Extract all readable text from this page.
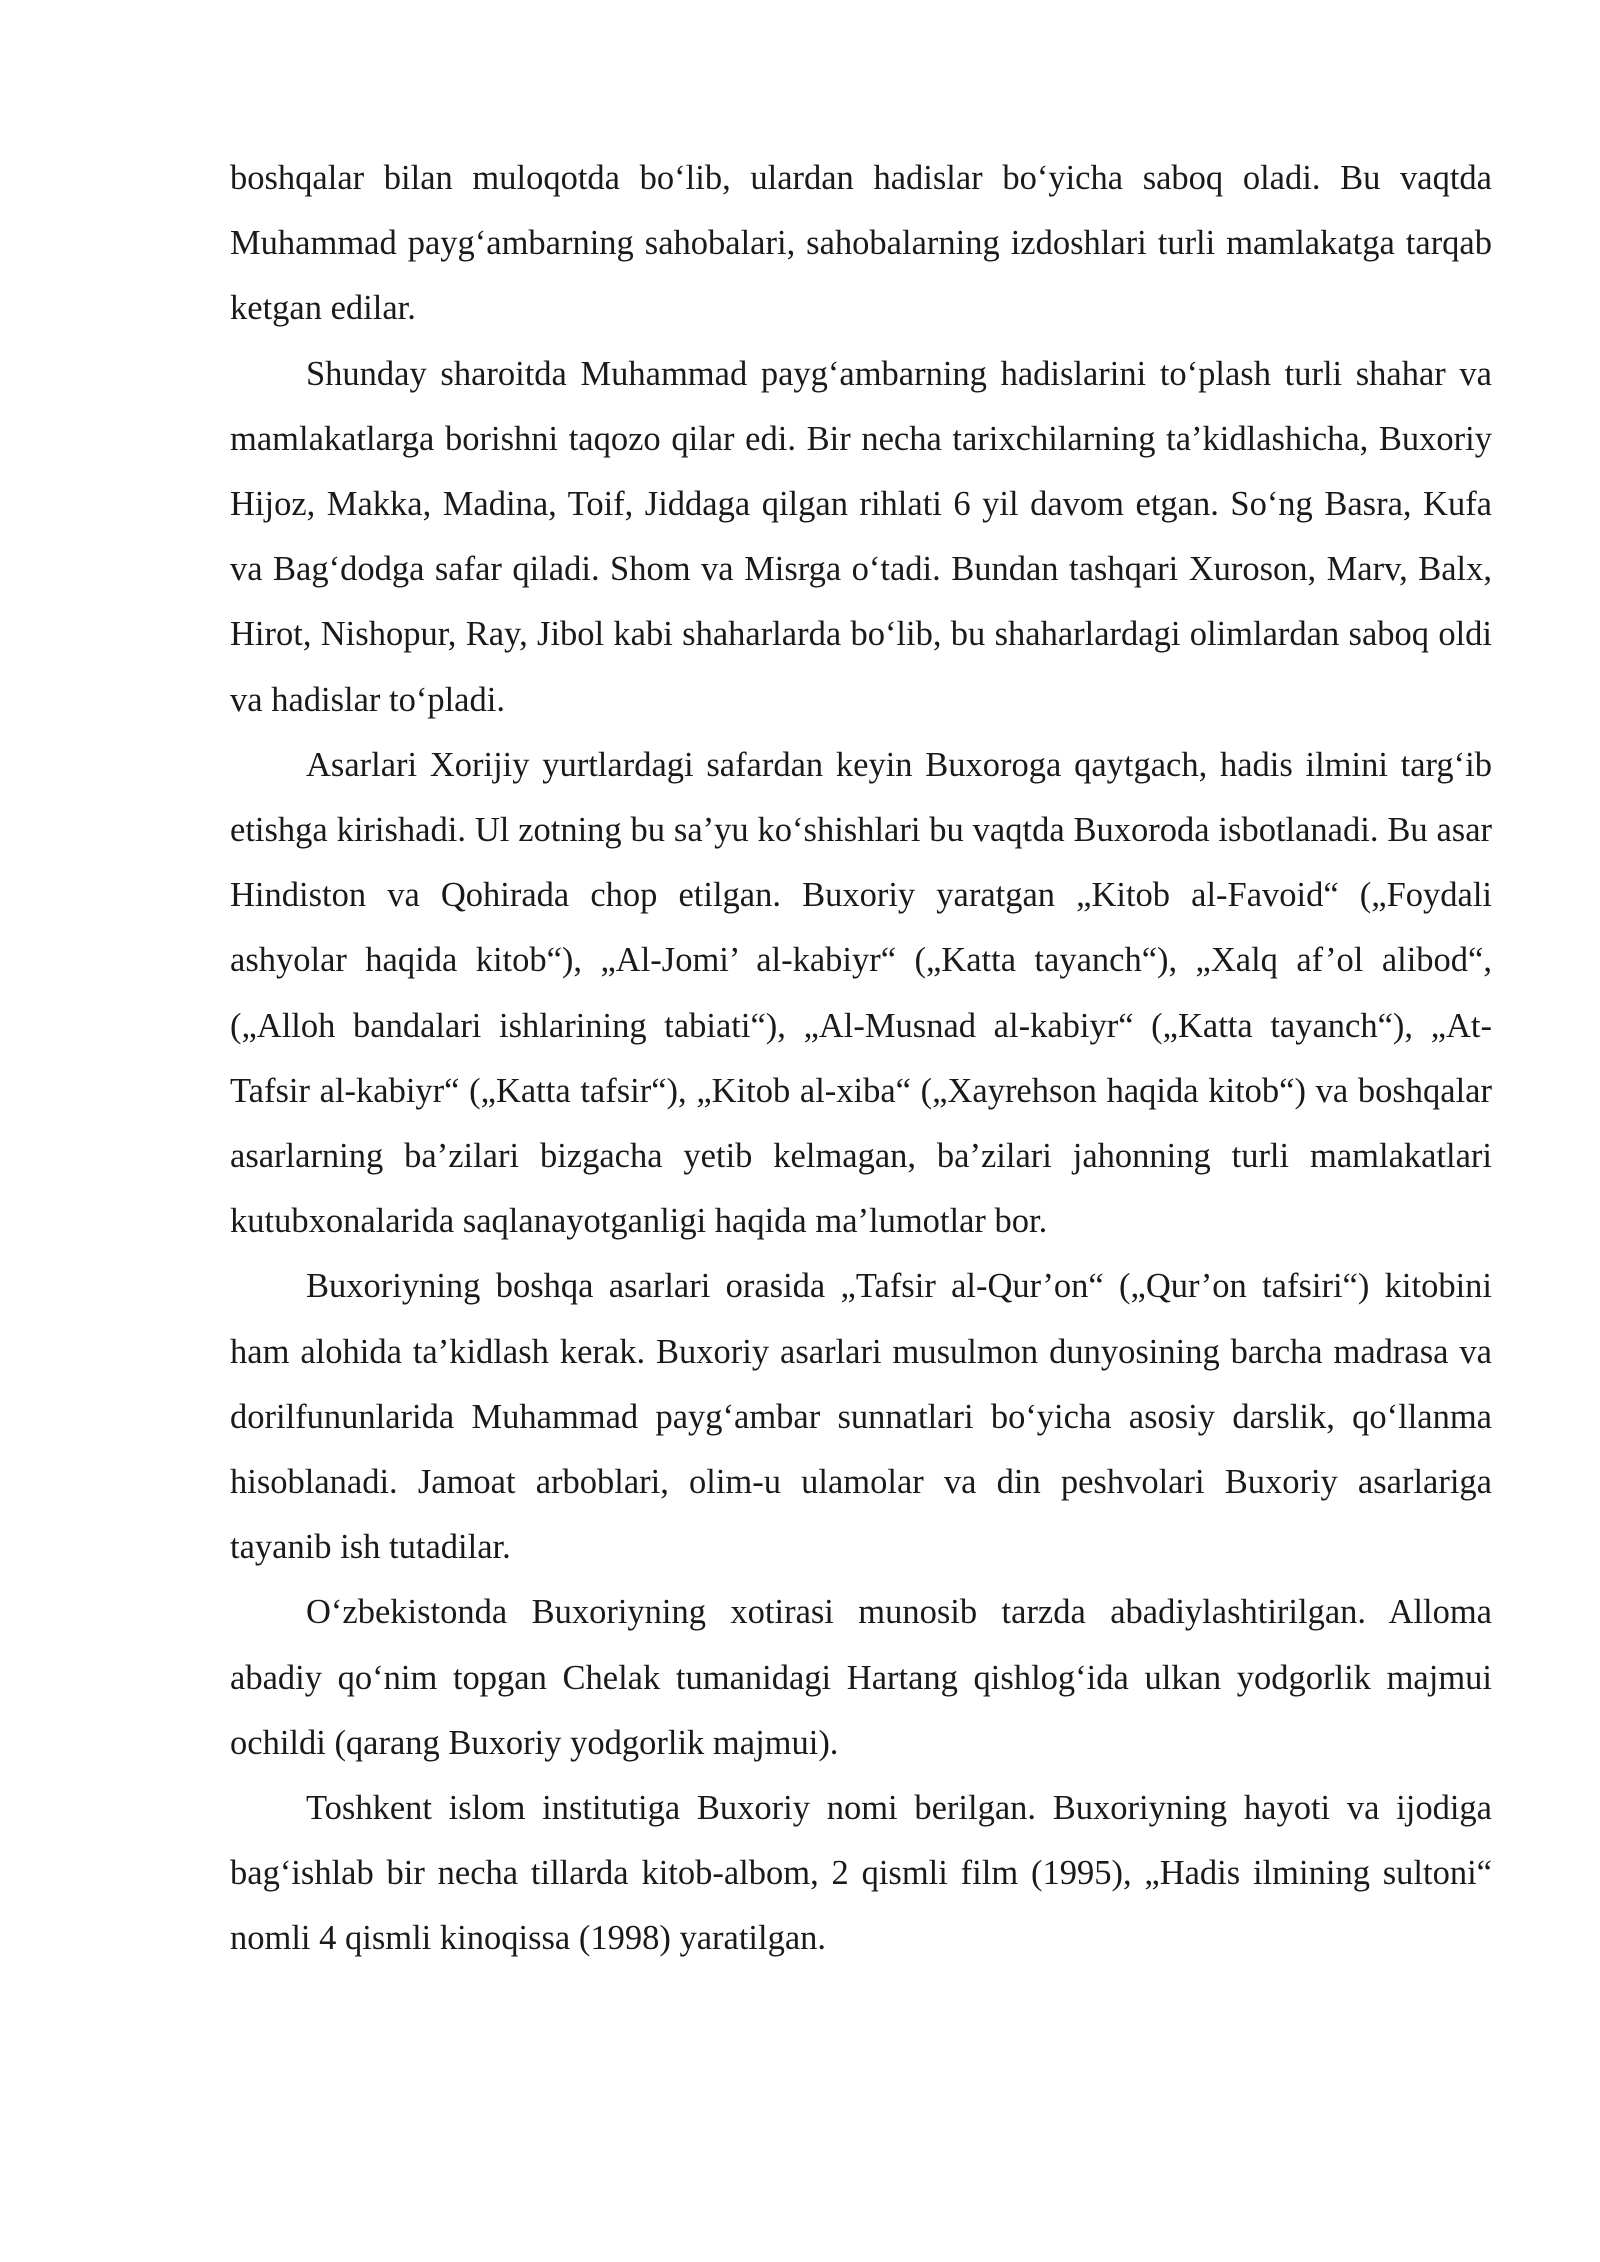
boshqalar bilan muloqotda bo‘lib, ulardan hadislar bo‘yicha saboq oladi. Bu vaqtda Muhammad payg‘ambarning sahobalari, sahobalarning izdoshlari turli mamlakatga tarqab ketgan edilar.

Shunday sharoitda Muhammad payg‘ambarning hadislarini to‘plash turli shahar va mamlakatlarga borishni taqozo qilar edi. Bir necha tarixchilarning ta’kidlashicha, Buxoriy Hijoz, Makka, Madina, Toif, Jiddaga qilgan rihlati 6 yil davom etgan. So‘ng Basra, Kufa va Bag‘dodga safar qiladi. Shom va Misrga o‘tadi. Bundan tashqari Xuroson, Marv, Balx, Hirot, Nishopur, Ray, Jibol kabi shaharlarda bo‘lib, bu shaharlardagi olimlardan saboq oldi va hadislar to‘pladi.

Asarlari Xorijiy yurtlardagi safardan keyin Buxoroga qaytgach, hadis ilmini targ‘ib etishga kirishadi. Ul zotning bu sa’yu ko‘shishlari bu vaqtda Buxoroda isbotlanadi. Bu asar Hindiston va Qohirada chop etilgan. Buxoriy yaratgan „Kitob al-Favoid“ („Foydali ashyolar haqida kitob“), „Al-Jomi’ al-kabiyr“ („Katta tayanch“), „Xalq af’ol alibod“, („Alloh bandalari ishlarining tabiati“), „Al-Musnad al-kabiyr“ („Katta tayanch“), „At-Tafsir al-kabiyr“ („Katta tafsir“), „Kitob al-xiba“ („Xayrehson haqida kitob“) va boshqalar asarlarning ba’zilari bizgacha yetib kelmagan, ba’zilari jahonning turli mamlakatlari kutubxonalarida saqlanayotganligi haqida ma’lumotlar bor.

Buxoriyning boshqa asarlari orasida „Tafsir al-Qur’on“ („Qur’on tafsiri“) kitobini ham alohida ta’kidlash kerak. Buxoriy asarlari musulmon dunyosining barcha madrasa va dorilfununlarida Muhammad payg‘ambar sunnatlari bo‘yicha asosiy darslik, qo‘llanma hisoblanadi. Jamoat arboblari, olim-u ulamolar va din peshvolari Buxoriy asarlariga tayanib ish tutadilar.

O‘zbekistonda Buxoriyning xotirasi munosib tarzda abadiylashtirilgan. Alloma abadiy qo‘nim topgan Chelak tumanidagi Hartang qishlog‘ida ulkan yodgorlik majmui ochildi (qarang Buxoriy yodgorlik majmui).

Toshkent islom institutiga Buxoriy nomi berilgan. Buxoriyning hayoti va ijodiga bag‘ishlab bir necha tillarda kitob-albom, 2 qismli film (1995), „Hadis ilmining sultoni“ nomli 4 qismli kinoqissa (1998) yaratilgan.
